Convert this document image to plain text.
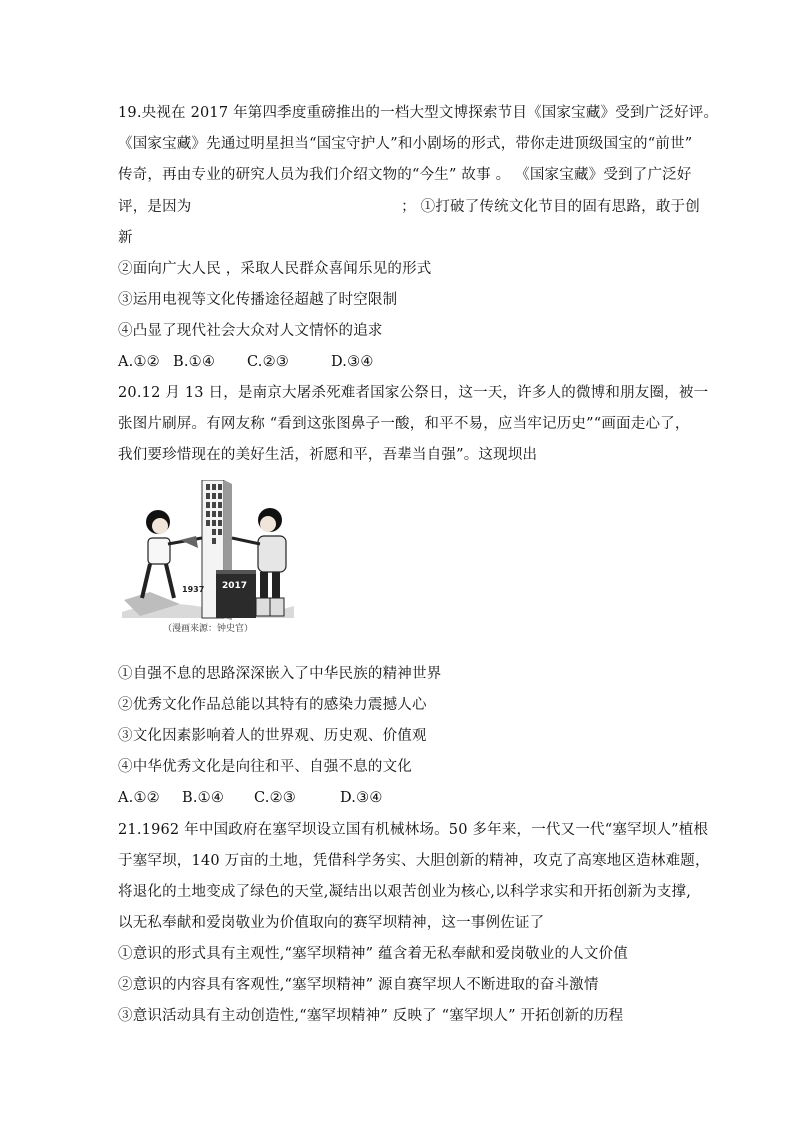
19.央视在 2017 年第四季度重磅推出的一档大型文博探索节目《国家宝藏》受到广泛好评。
《国家宝藏》先通过明星担当“国宝守护人”和小剧场的形式，带你走进顶级国宝的“前世”
传奇，再由专业的研究人员为我们介绍文物的“今生” 故事 。 《国家宝藏》受到了广泛好
评，是因为	； ①打破了传统文化节目的固有思路，敢于创
新
②面向广大人民 ，采取人民群众喜闻乐见的形式
③运用电视等文化传播途径超越了时空限制
④凸显了现代社会大众对人文情怀的追求
A.①② B.①④ C.②③	D.③④
20.12 月 13 日，是南京大屠杀死难者国家公祭日，这一天，许多人的微博和朋友圈，被一
张图片刷屏。有网友称 “看到这张图鼻子一酸，和平不易，应当牢记历史”“画面走心了，
我们要珍惜现在的美好生活，祈愿和平，吾辈当自强”。这现坝出
1937 2017
（漫画来源：钟史官）
①自强不息的思路深深嵌入了中华民族的精神世界
②优秀文化作品总能以其特有的感染力震撼人心
③文化因素影响着人的世界观、历史观、价值观
④中华优秀文化是向往和平、自强不息的文化
A.①② B.①④ C.②③	D.③④
21.1962 年中国政府在塞罕坝设立国有机械林场。50 多年来，一代又一代“塞罕坝人”植根
于塞罕坝，140 万亩的土地，凭借科学务实、大胆创新的精神，攻克了高寒地区造林难题，
将退化的土地变成了绿色的天堂,凝结出以艰苦创业为核心,以科学求实和开拓创新为支撑,
以无私奉献和爱岗敬业为价值取向的赛罕坝精神，这一事例佐证了
①意识的形式具有主观性,“塞罕坝精神” 蕴含着无私奉献和爱岗敬业的人文价值
②意识的内容具有客观性,“塞罕坝精神” 源自赛罕坝人不断进取的奋斗激情
③意识活动具有主动创造性,“塞罕坝精神” 反映了 “塞罕坝人” 开拓创新的历程
